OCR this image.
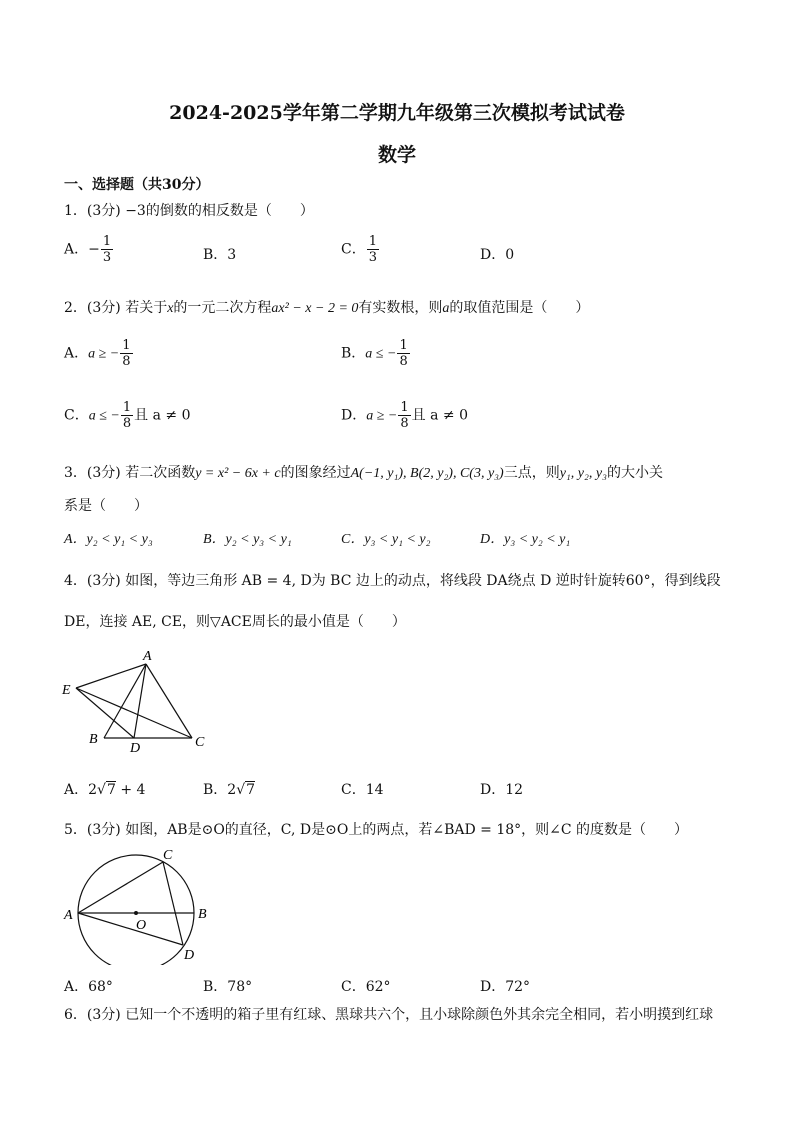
2024-2025学年第二学期九年级第三次模拟考试试卷
数学
一、选择题（共30分）
1．(3分) −3的倒数的相反数是（　　）
A．− $\frac{1}{3}$	B．3	C． $\frac{1}{3}$	D．0
2．(3分) 若关于x的一元二次方程ax² − x − 2 = 0有实数根，则a的取值范围是（　　）
A．a ≥ − $\frac{1}{8}$	B．a ≤ − $\frac{1}{8}$
C．a ≤ − $\frac{1}{8}$ 且 a ≠ 0	D．a ≥ − $\frac{1}{8}$ 且 a ≠ 0
3．(3分) 若二次函数y = x² − 6x + c的图象经过A(−1, y₁), B(2, y₂), C(3, y₃)三点，则y₁, y₂, y₃的大小关
系是（　　）
A．y₂ < y₁ < y₃	B．y₂ < y₃ < y₁	C．y₃ < y₁ < y₂	D．y₃ < y₂ < y₁
4．(3分) 如图，等边三角形 AB = 4, D为 BC 边上的动点，将线段 DA绕点 D 逆时针旋转60°，得到线段
DE，连接 AE, CE，则▽ACE周长的最小值是（　　）
A
E
B
D	C
A．2√7 + 4	B．2√7	C．14	D．12
5．(3分) 如图，AB是⊙O的直径，C, D是⊙O上的两点，若∠BAD = 18°，则∠C 的度数是（　　）
A	B
C
D
O
A．68°	B．78°	C．62°	D．72°
6．(3分) 已知一个不透明的箱子里有红球、黑球共六个，且小球除颜色外其余完全相同，若小明摸到红球
